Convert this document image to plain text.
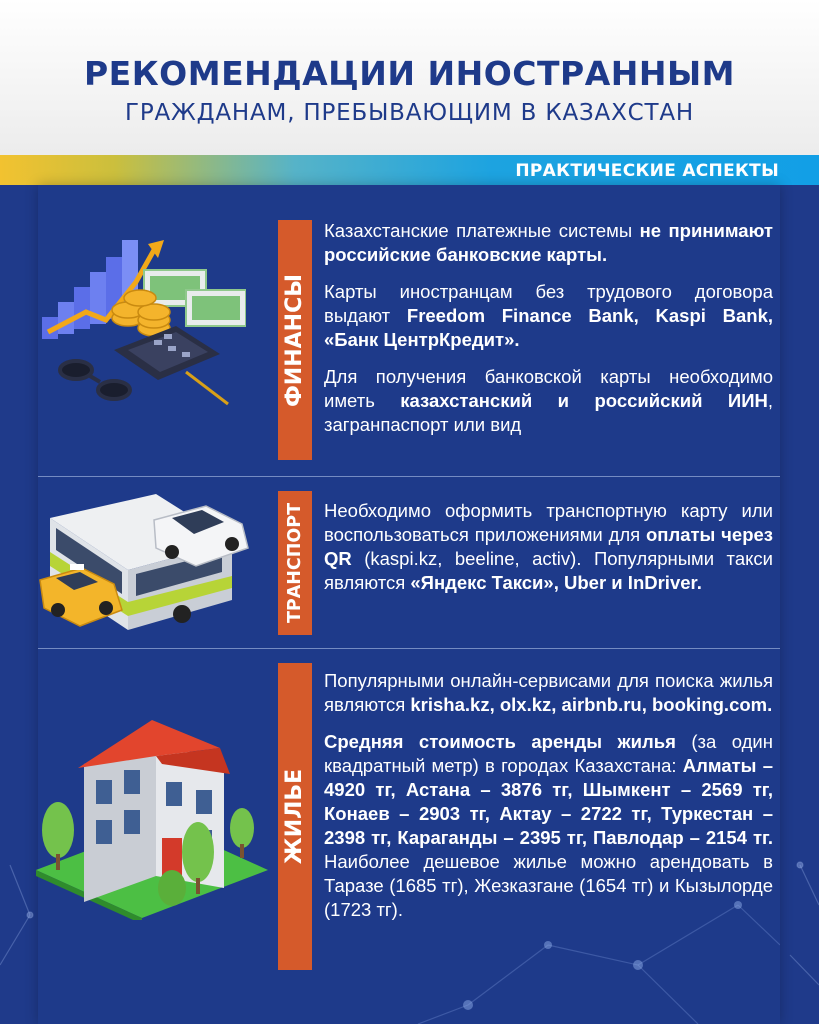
РЕКОМЕНДАЦИИ ИНОСТРАННЫМ
ГРАЖДАНАМ, ПРЕБЫВАЮЩИМ В КАЗАХСТАН
ПРАКТИЧЕСКИЕ АСПЕКТЫ
ФИНАНСЫ

Казахстанские платежные системы не принимают российские банковские карты.

Карты иностранцам без трудового договора выдают Freedom Finance Bank, Kaspi Bank, «Банк ЦентрКредит».

Для получения банковской карты необходимо иметь казахстанский и российский ИИН, загранпаспорт или вид

ТРАНСПОРТ Необходимо оформить транспортную карту или воспользоваться приложениями для оплаты через QR (kaspi.kz, beeline, activ). Популярными такси являются «Яндекс Такси», Uber и InDriver.

ЖИЛЬЕ

Популярными онлайн-сервисами для поиска жилья являются krisha.kz, olx.kz, airbnb.ru, booking.com.

Средняя стоимость аренды жилья (за один квадратный метр) в городах Казахстана: Алматы – 4920 тг, Астана – 3876 тг, Шымкент – 2569 тг, Конаев – 2903 тг, Актау – 2722 тг, Туркестан – 2398 тг, Караганды – 2395 тг, Павлодар – 2154 тг. Наиболее дешевое жилье можно арендовать в Таразе (1685 тг), Жезказгане (1654 тг) и Кызылорде (1723 тг).
